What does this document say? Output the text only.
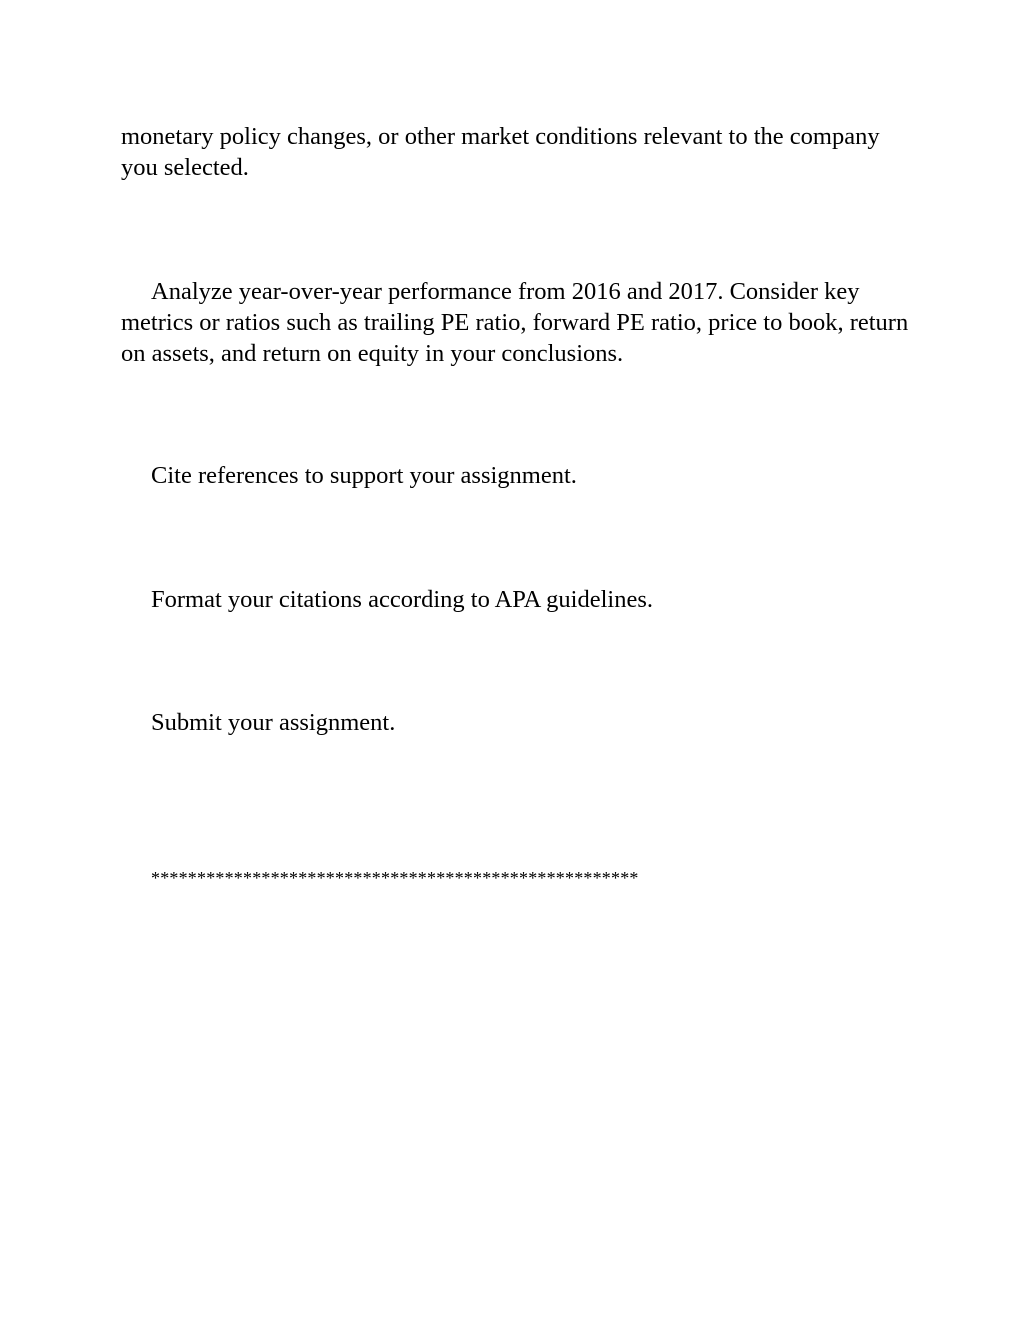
monetary policy changes, or other market conditions relevant to the company you selected.

Analyze year-over-year performance from 2016 and 2017. Consider key metrics or ratios such as trailing PE ratio, forward PE ratio, price to book, return on assets, and return on equity in your conclusions.

Cite references to support your assignment.

Format your citations according to APA guidelines.

Submit your assignment.

*****************************************************
